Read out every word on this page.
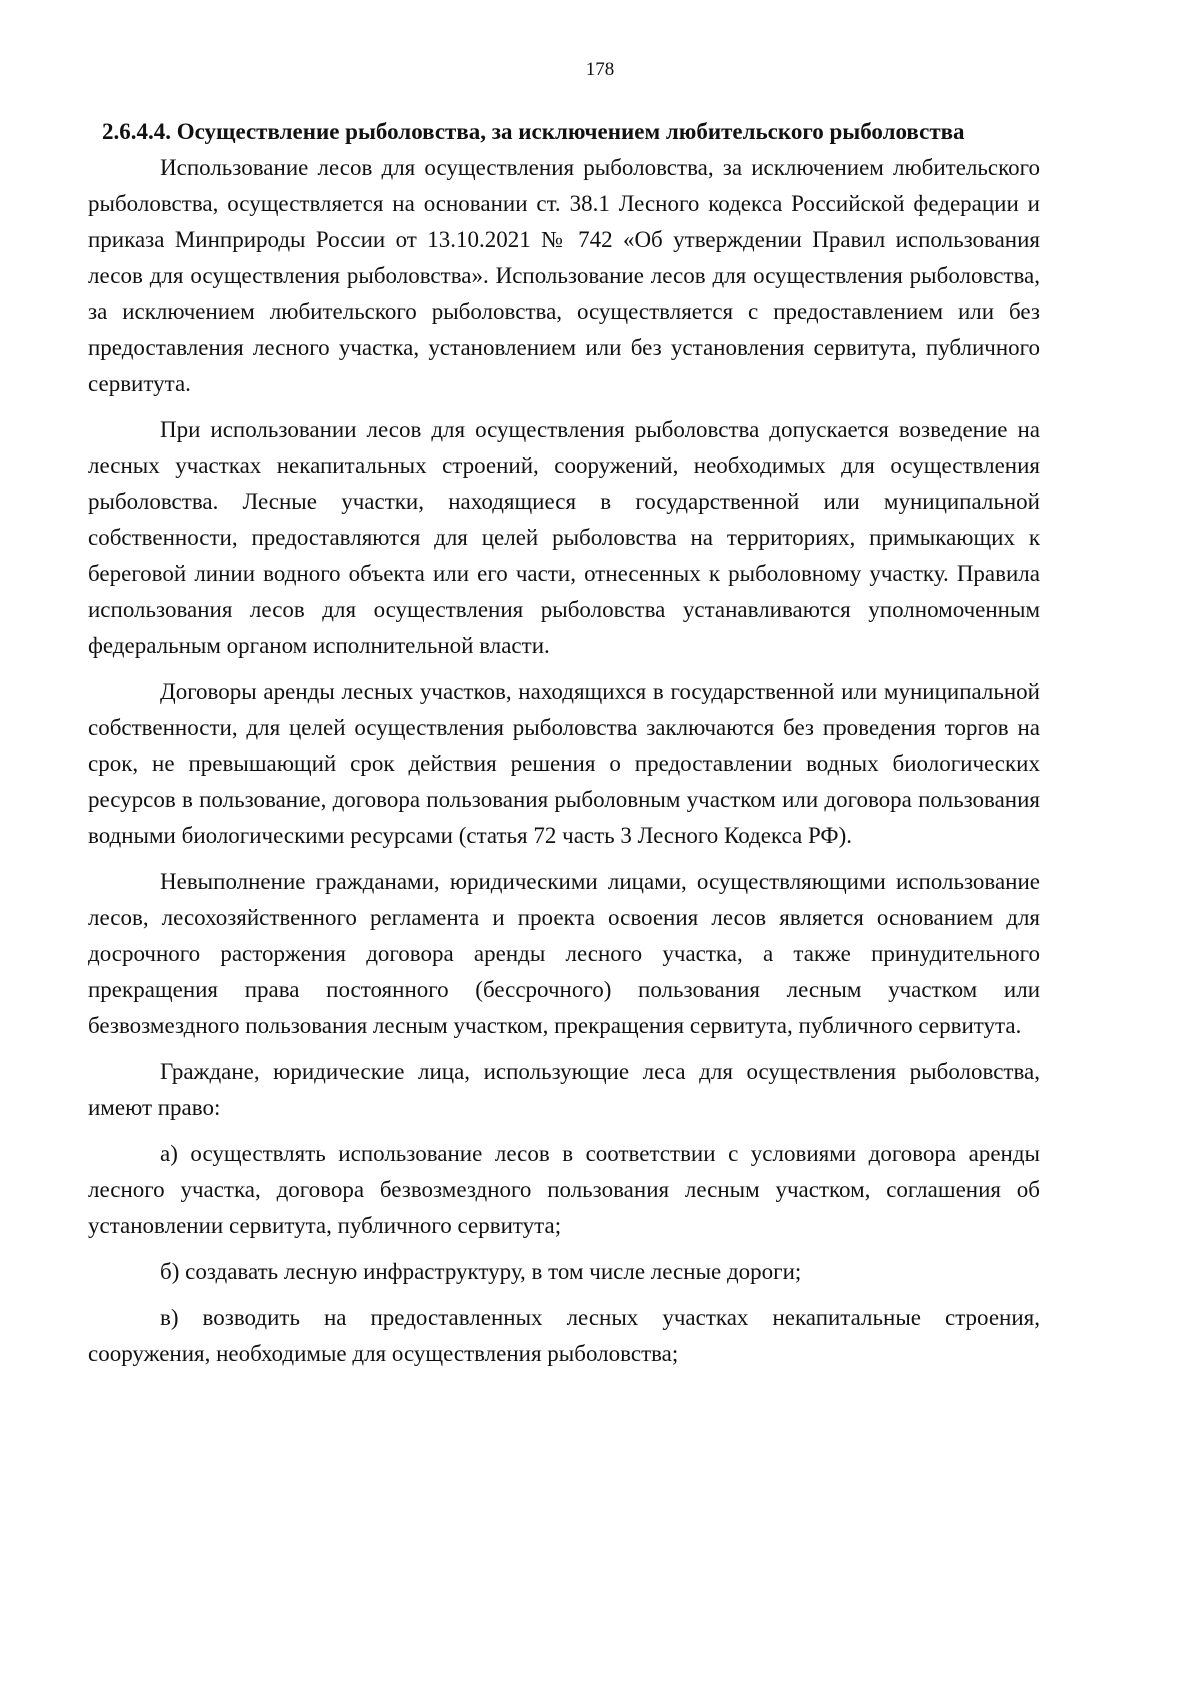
178

2.6.4.4. Осуществление рыболовства, за исключением любительского рыболовства

Использование лесов для осуществления рыболовства, за исключением любительского рыболовства, осуществляется на основании ст. 38.1 Лесного кодекса Российской федерации и приказа Минприроды России от 13.10.2021 № 742 «Об утверждении Правил использования лесов для осуществления рыболовства». Использование лесов для осуществления рыболовства, за исключением любительского рыболовства, осуществляется с предоставлением или без предоставления лесного участка, установлением или без установления сервитута, публичного сервитута.

При использовании лесов для осуществления рыболовства допускается возведение на лесных участках некапитальных строений, сооружений, необходимых для осуществления рыболовства. Лесные участки, находящиеся в государственной или муниципальной собственности, предоставляются для целей рыболовства на территориях, примыкающих к береговой линии водного объекта или его части, отнесенных к рыболовному участку. Правила использования лесов для осуществления рыболовства устанавливаются уполномоченным федеральным органом исполнительной власти.

Договоры аренды лесных участков, находящихся в государственной или муниципальной собственности, для целей осуществления рыболовства заключаются без проведения торгов на срок, не превышающий срок действия решения о предоставлении водных биологических ресурсов в пользование, договора пользования рыболовным участком или договора пользования водными биологическими ресурсами (статья 72 часть 3 Лесного Кодекса РФ).

Невыполнение гражданами, юридическими лицами, осуществляющими использование лесов, лесохозяйственного регламента и проекта освоения лесов является основанием для досрочного расторжения договора аренды лесного участка, а также принудительного прекращения права постоянного (бессрочного) пользования лесным участком или безвозмездного пользования лесным участком, прекращения сервитута, публичного сервитута.

Граждане, юридические лица, использующие леса для осуществления рыболовства, имеют право:

а) осуществлять использование лесов в соответствии с условиями договора аренды лесного участка, договора безвозмездного пользования лесным участком, соглашения об установлении сервитута, публичного сервитута;

б) создавать лесную инфраструктуру, в том числе лесные дороги;

в) возводить на предоставленных лесных участках некапитальные строения, сооружения, необходимые для осуществления рыболовства;
